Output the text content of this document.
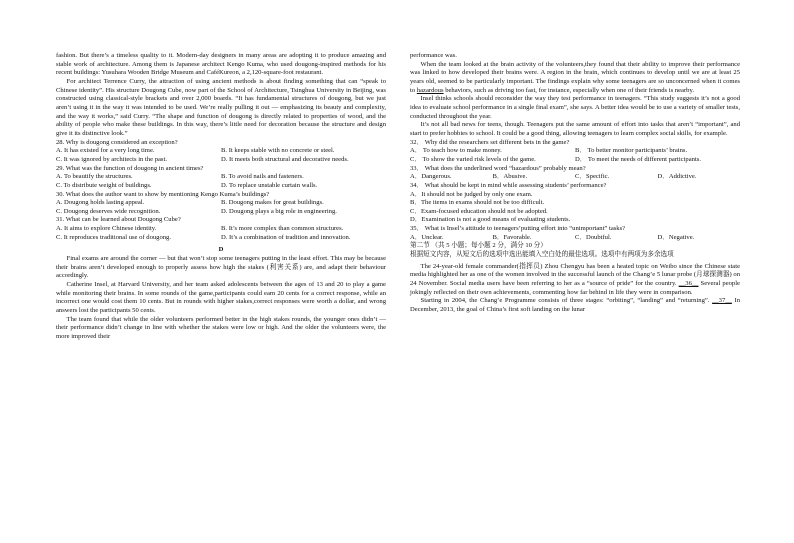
fashion. But there’s a timeless quality to it. Modern-day designers in many areas are adopting it to produce amazing and stable work of architecture. Among them is Japanese architect Kengo Kuma, who used dougong-inspired methods for his recent buildings: Yusuhara Wooden Bridge Museum and CaféKureon, a 2,120-square-foot restaurant.

For architect Terrence Curry, the attraction of using ancient methods is about finding something that can “speak to Chinese identity”. His structure Dougong Cube, now part of the School of Architecture, Tsinghua University in Beijing, was constructed using classical-style brackets and over 2,000 boards. “It has fundamental structures of dougong, but we just aren’t using it in the way it was intended to be used. We’re really pulling it out — emphasizing its beauty and complexity, and the way it works,” said Curry. “The shape and function of dougong is directly related to properties of wood, and the ability of people who make these buildings. In this way, there’s little need for decoration because the structure and design give it its distinctive look.”

28. Why is dougong considered an exception?

A. It has existed for a very long time.	B. It keeps stable with no concrete or steel.
C. It was ignored by architects in the past.	D. It meets both structural and decorative needs.

29. What was the function of dougong in ancient times?

A. To beautify the structures.	B. To avoid nails and fasteners.
C. To distribute weight of buildings.	D. To replace unstable curtain walls.

30. What does the author want to show by mentioning Kengo Kuma’s buildings?

A. Dougong holds lasting appeal.	B. Dougong makes for great buildings.
C. Dougong deserves wide recognition.	D. Dougong plays a big role in engineering.

31. What can be learned about Dougong Cube?

A. It aims to explore Chinese identity.	B. It’s more complex than common structures.
C. It reproduces traditional use of dougong.	D. It’s a combination of tradition and innovation.

D

Final exams are around the corner — but that won’t stop some teenagers putting in the least effort. This may be because their brains aren’t developed enough to properly assess how high the stakes (利害关系) are, and adapt their behaviour accordingly.

Catherine Insel, at Harvard University, and her team asked adolescents between the ages of 13 and 20 to play a game while monitoring their brains. In some rounds of the game,participants could earn 20 cents for a correct response, while an incorrect one would cost them 10 cents. But in rounds with higher stakes,correct responses were worth a dollar, and wrong answers lost the participants 50 cents.

The team found that while the older volunteers performed better in the high stakes rounds, the younger ones didn’t — their performance didn’t change in line with whether the stakes were low or high. And the older the volunteers were, the more improved their

performance was.

When the team looked at the brain activity of the volunteers,they found that their ability to improve their performance was linked to how developed their brains were. A region in the brain, which continues to develop until we are at least 25 years old, seemed to be particularly important. The findings explain why some teenagers are so unconcerned when it comes to hazardous behaviors, such as driving too fast, for instance, especially when one of their friends is nearby.

Insel thinks schools should reconsider the way they test performance in teenagers. “This study suggests it’s not a good idea to evaluate school performance in a single final exam”, she says. A better idea would be to use a variety of smaller tests, conducted throughout the year.

It’s not all bad news for teens, though. Teenagers put the same amount of effort into tasks that aren’t “important”, and start to prefer hobbies to school. It could be a good thing, allowing teenagers to learn complex social skills, for example.

32． Why did the researchers set different bets in the game?

A． To teach how to make money.	B． To better monitor participants’ brains.
C． To show the varied risk levels of the game.	D． To meet the needs of different participants.

33． What does the underlined word “hazardous” probably mean?

A．Dangerous.	B．Abusive.	C．Specific.	D．Addictive.

34． What should be kept in mind while assessing students’ performance?

A．It should not be judged by only one exam.

B．The items in exams should not be too difficult.

C．Exam-focused education should not be adopted.

D．Examination is not a good means of evaluating students.

35． What is Insel’s attitude to teenagers’putting effort into “unimportant” tasks?

A．Unclear.	B．Favorable.	C．Doubtful.	D．Negative.

第二节 （共 5 小题；每小题 2 分，满分 10 分）

根据短文内容，从短文后的选项中选出能填入空白处的最佳选项。选项中有两项为多余选项

The 24-year-old female commander(指挥员) Zhou Chengyu has been a heated topic on Weibo since the Chinese state media highlighted her as one of the women involved in the successful launch of the Chang’e 5 lunar probe (月球探测器) on 24 November. Social media users have been referring to her as a “source of pride” for the country. __36__ Several people jokingly reflected on their own achievements, commenting how far behind in life they were in comparison.

Starting in 2004, the Chang’e Programme consists of three stages: “orbiting”, “landing” and “returning”. __37__ In December, 2013, the goal of China’s first soft landing on the lunar
